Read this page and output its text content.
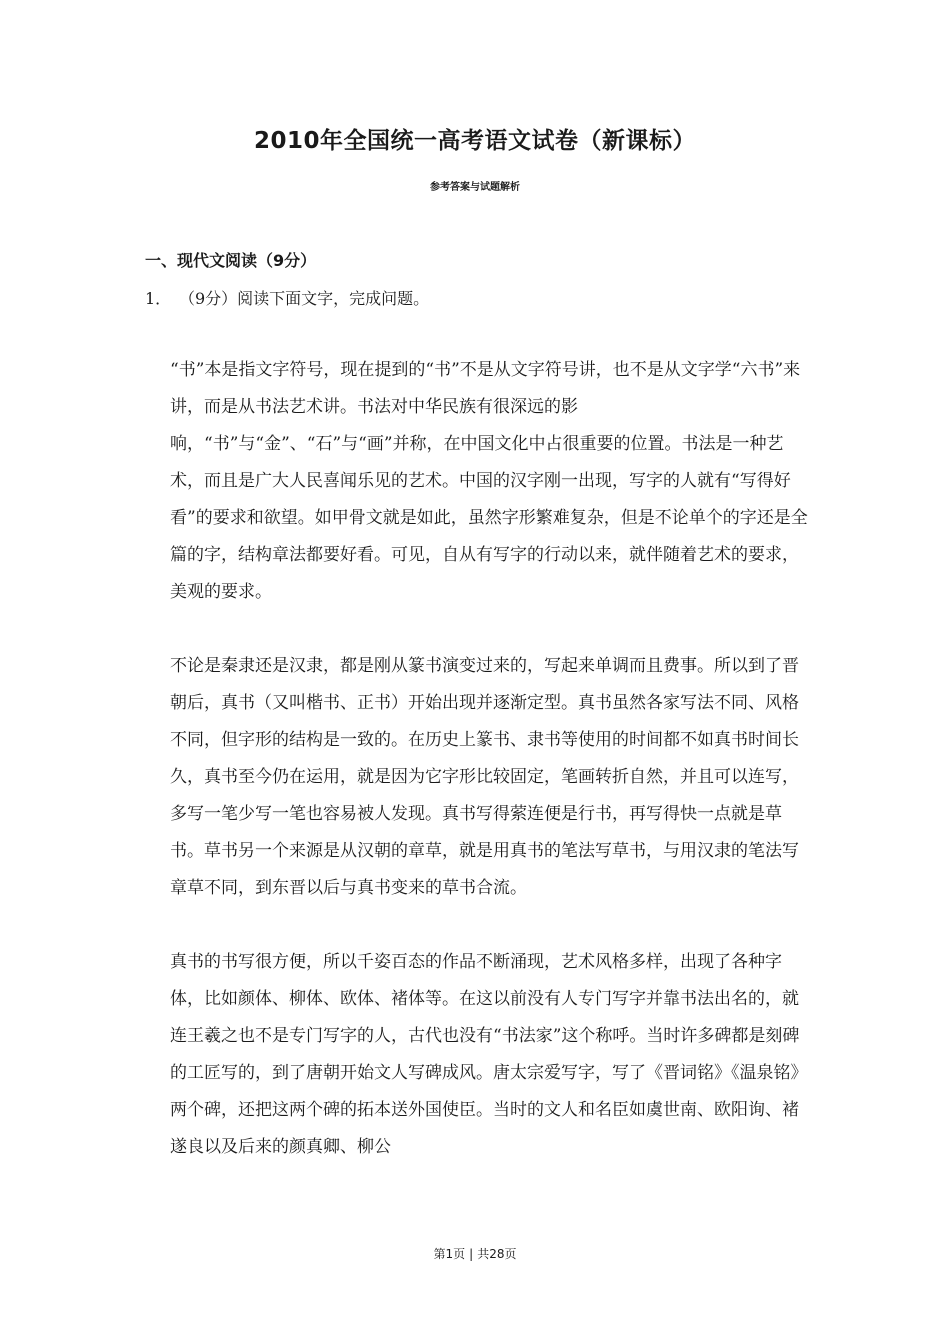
2010年全国统一高考语文试卷（新课标）
参考答案与试题解析
一、现代文阅读（9分）
1． （9分）阅读下面文字，完成问题。

“书”本是指文字符号，现在提到的“书”不是从文字符号讲，也不是从文字学“六书”来讲，而是从书法艺术讲。书法对中华民族有很深远的影响，“书”与“金”、“石”与“画”并称，在中国文化中占很重要的位置。书法是一种艺术，而且是广大人民喜闻乐见的艺术。中国的汉字刚一出现，写字的人就有“写得好看”的要求和欲望。如甲骨文就是如此，虽然字形繁难复杂，但是不论单个的字还是全篇的字，结构章法都要好看。可见，自从有写字的行动以来，就伴随着艺术的要求，美观的要求。

不论是秦隶还是汉隶，都是刚从篆书演变过来的，写起来单调而且费事。所以到了晋朝后，真书（又叫楷书、正书）开始出现并逐渐定型。真书虽然各家写法不同、风格不同，但字形的结构是一致的。在历史上篆书、隶书等使用的时间都不如真书时间长久，真书至今仍在运用，就是因为它字形比较固定，笔画转折自然，并且可以连写，多写一笔少写一笔也容易被人发现。真书写得萦连便是行书，再写得快一点就是草书。草书另一个来源是从汉朝的章草，就是用真书的笔法写草书，与用汉隶的笔法写章草不同，到东晋以后与真书变来的草书合流。

真书的书写很方便，所以千姿百态的作品不断涌现，艺术风格多样，出现了各种字体，比如颜体、柳体、欧体、褚体等。在这以前没有人专门写字并靠书法出名的，就连王羲之也不是专门写字的人，古代也没有“书法家”这个称呼。当时许多碑都是刻碑的工匠写的，到了唐朝开始文人写碑成风。唐太宗爱写字，写了《晋词铭》《温泉铭》两个碑，还把这两个碑的拓本送外国使臣。当时的文人和名臣如虞世南、欧阳询、褚遂良以及后来的颜真卿、柳公

第1页 | 共28页
